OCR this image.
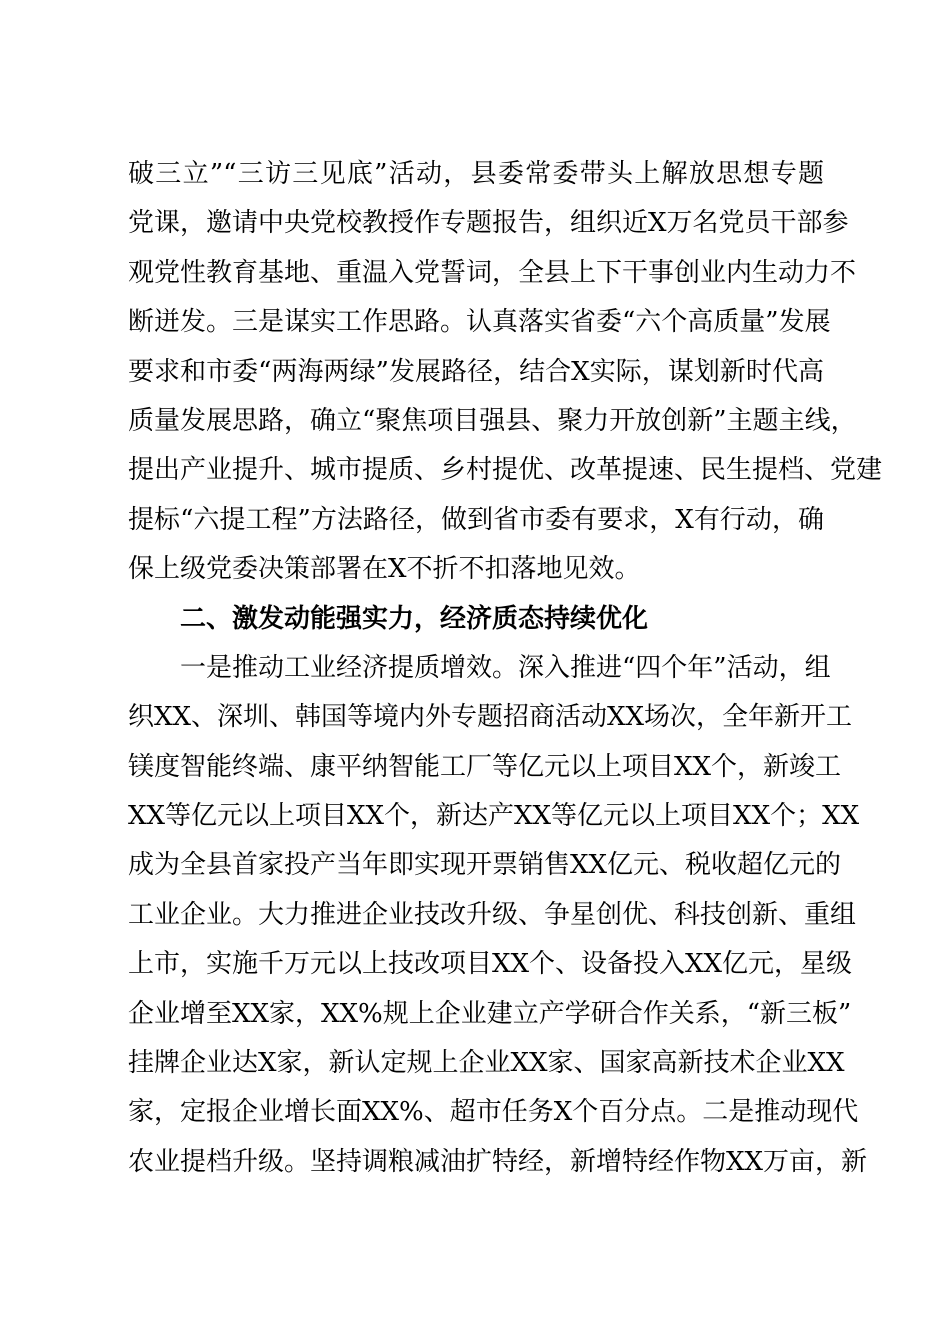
破三立”“三访三见底”活动，县委常委带头上解放思想专题
党课，邀请中央党校教授作专题报告，组织近X万名党员干部参
观党性教育基地、重温入党誓词，全县上下干事创业内生动力不
断迸发。三是谋实工作思路。认真落实省委“六个高质量”发展
要求和市委“两海两绿”发展路径，结合X实际，谋划新时代高
质量发展思路，确立“聚焦项目强县、聚力开放创新”主题主线，
提出产业提升、城市提质、乡村提优、改革提速、民生提档、党建
提标“六提工程”方法路径，做到省市委有要求，X有行动，确
保上级党委决策部署在X不折不扣落地见效。
二、激发动能强实力，经济质态持续优化
一是推动工业经济提质增效。深入推进“四个年”活动，组
织XX、深圳、韩国等境内外专题招商活动XX场次，全年新开工
镁度智能终端、康平纳智能工厂等亿元以上项目XX个，新竣工
XX等亿元以上项目XX个，新达产XX等亿元以上项目XX个；XX
成为全县首家投产当年即实现开票销售XX亿元、税收超亿元的
工业企业。大力推进企业技改升级、争星创优、科技创新、重组
上市，实施千万元以上技改项目XX个、设备投入XX亿元，星级
企业增至XX家，XX%规上企业建立产学研合作关系，“新三板”
挂牌企业达X家，新认定规上企业XX家、国家高新技术企业XX
家，定报企业增长面XX%、超市任务X个百分点。二是推动现代
农业提档升级。坚持调粮减油扩特经，新增特经作物XX万亩，新
